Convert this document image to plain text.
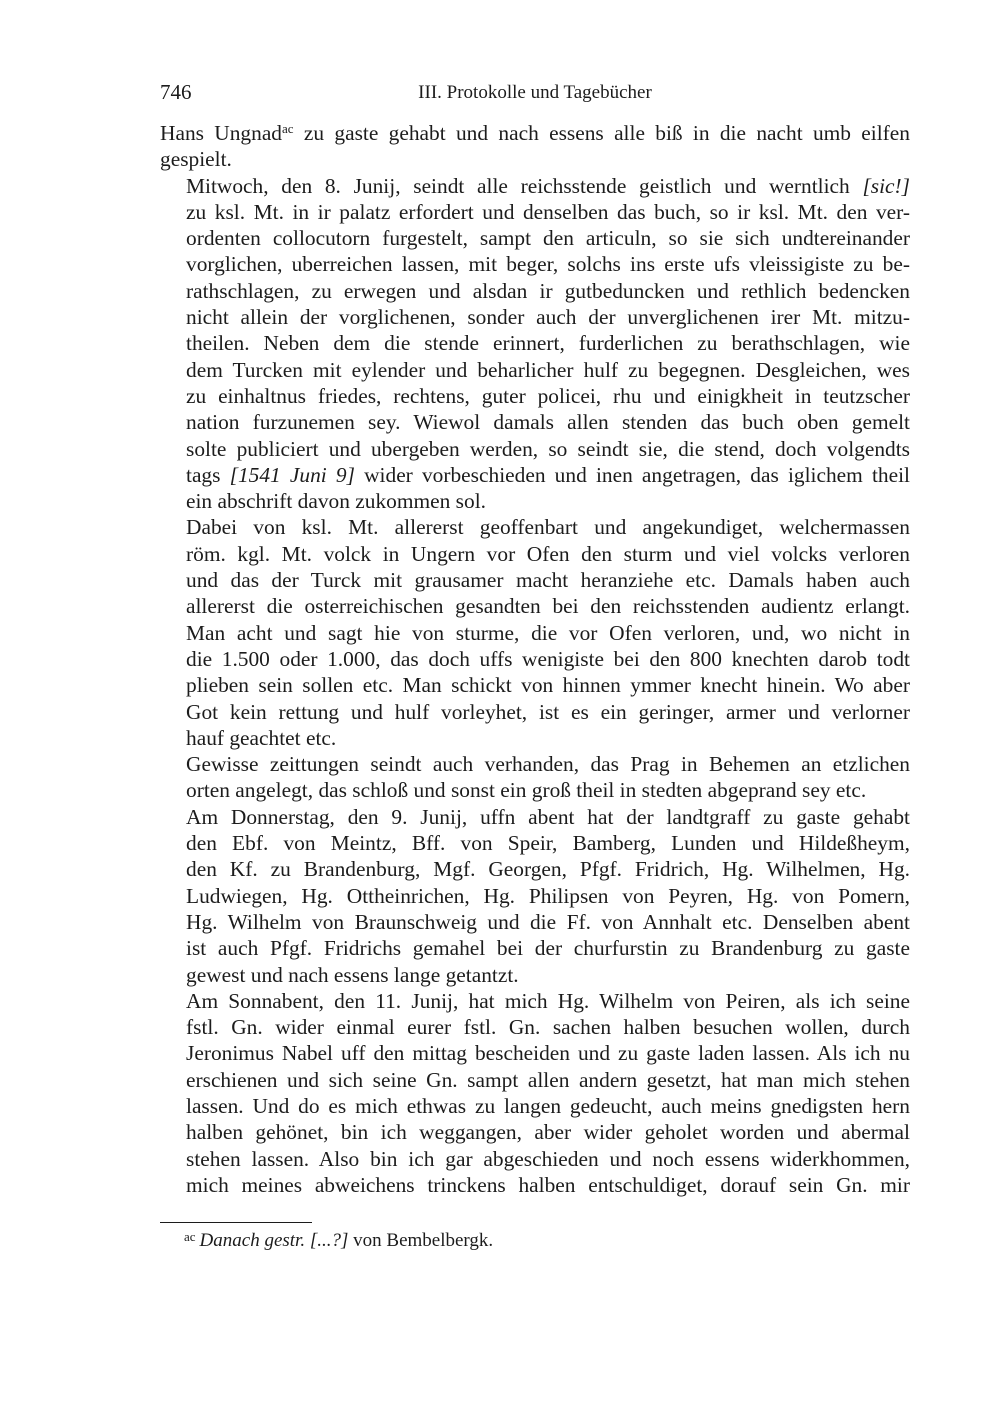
746	III. Protokolle und Tagebücher
Hans Ungnad$^{ac}$ zu gaste gehabt und nach essens alle biß in die nacht umb eilfen
gespielt.
Mitwoch, den 8. Junij, seindt alle reichsstende geistlich und werntlich [sic!]
zu ksl. Mt. in ir palatz erfordert und denselben das buch, so ir ksl. Mt. den ver-
ordenten collocutorn furgestelt, sampt den articuln, so sie sich undtereinander
vorglichen, uberreichen lassen, mit beger, solchs ins erste ufs vleissigiste zu be-
rathschlagen, zu erwegen und alsdan ir gutbeduncken und rethlich bedencken
nicht allein der vorglichenen, sonder auch der unverglichenen irer Mt. mitzu-
theilen. Neben dem die stende erinnert, furderlichen zu berathschlagen, wie
dem Turcken mit eylender und beharlicher hulf zu begegnen. Desgleichen, wes
zu einhaltnus friedes, rechtens, guter policei, rhu und einigkheit in teutzscher
nation furzunemen sey. Wiewol damals allen stenden das buch oben gemelt
solte publiciert und ubergeben werden, so seindt sie, die stend, doch volgendts
tags [1541 Juni 9] wider vorbeschieden und inen angetragen, das iglichem theil
ein abschrift davon zukommen sol.
Dabei von ksl. Mt. allererst geoffenbart und angekundiget, welchermassen
röm. kgl. Mt. volck in Ungern vor Ofen den sturm und viel volcks verloren
und das der Turck mit grausamer macht heranziehe etc. Damals haben auch
allererst die osterreichischen gesandten bei den reichsstenden audientz erlangt.
Man acht und sagt hie von sturme, die vor Ofen verloren, und, wo nicht in
die 1.500 oder 1.000, das doch uffs wenigiste bei den 800 knechten darob todt
plieben sein sollen etc. Man schickt von hinnen ymmer knecht hinein. Wo aber
Got kein rettung und hulf vorleyhet, ist es ein geringer, armer und verlorner
hauf geachtet etc.
Gewisse zeittungen seindt auch verhanden, das Prag in Behemen an etzlichen
orten angelegt, das schloß und sonst ein groß theil in stedten abgeprand sey etc.
Am Donnerstag, den 9. Junij, uffn abent hat der landtgraff zu gaste gehabt
den Ebf. von Meintz, Bff. von Speir, Bamberg, Lunden und Hildeßheym,
den Kf. zu Brandenburg, Mgf. Georgen, Pfgf. Fridrich, Hg. Wilhelmen, Hg.
Ludwiegen, Hg. Ottheinrichen, Hg. Philipsen von Peyren, Hg. von Pomern,
Hg. Wilhelm von Braunschweig und die Ff. von Annhalt etc. Denselben abent
ist auch Pfgf. Fridrichs gemahel bei der churfurstin zu Brandenburg zu gaste
gewest und nach essens lange getantzt.
Am Sonnabent, den 11. Junij, hat mich Hg. Wilhelm von Peiren, als ich seine
fstl. Gn. wider einmal eurer fstl. Gn. sachen halben besuchen wollen, durch
Jeronimus Nabel uff den mittag bescheiden und zu gaste laden lassen. Als ich nu
erschienen und sich seine Gn. sampt allen andern gesetzt, hat man mich stehen
lassen. Und do es mich ethwas zu langen gedeucht, auch meins gnedigsten hern
halben gehönet, bin ich weggangen, aber wider geholet worden und abermal
stehen lassen. Also bin ich gar abgeschieden und noch essens widerkhommen,
mich meines abweichens trinckens halben entschuldiget, dorauf sein Gn. mir
$^{ac}$ Danach gestr. [...?] von Bembelbergk.
